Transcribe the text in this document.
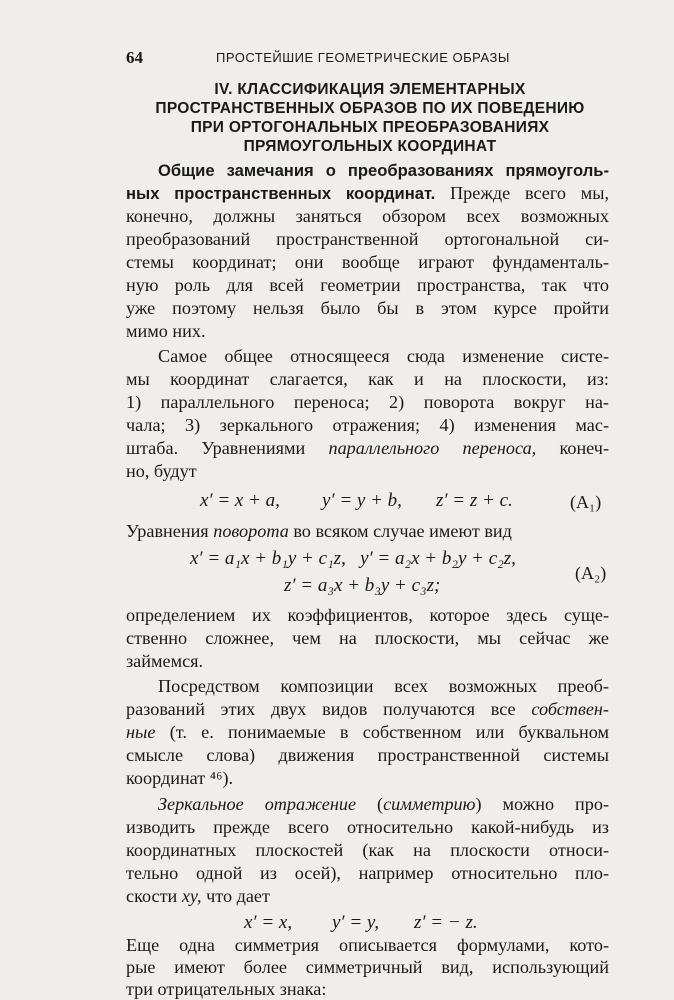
64	ПРОСТЕЙШИЕ ГЕОМЕТРИЧЕСКИЕ ОБРАЗЫ
IV. КЛАССИФИКАЦИЯ ЭЛЕМЕНТАРНЫХ
ПРОСТРАНСТВЕННЫХ ОБРАЗОВ ПО ИХ ПОВЕДЕНИЮ
ПРИ ОРТОГОНАЛЬНЫХ ПРЕОБРАЗОВАНИЯХ
ПРЯМОУГОЛЬНЫХ КООРДИНАТ
Общие замечания о преобразованиях прямоуголь-
ных пространственных координат. Прежде всего мы,
конечно, должны заняться обзором всех возможных
преобразований пространственной ортогональной си-
стемы координат; они вообще играют фундаменталь-
ную роль для всей геометрии пространства, так что
уже поэтому нельзя было бы в этом курсе пройти
мимо них.
Самое общее относящееся сюда изменение систе-
мы координат слагается, как и на плоскости, из:
1) параллельного переноса; 2) поворота вокруг на-
чала; 3) зеркального отражения; 4) изменения мас-
штаба. Уравнениями параллельного переноса, конеч-
но, будут
x′ = x + a, y′ = y + b, z′ = z + c.	(A₁)
Уравнения поворота во всяком случае имеют вид
x′ = a₁x + b₁y + c₁z,   y′ = a₂x + b₂y + c₂z,
z′ = a₃x + b₃y + c₃z;
(A₂)
определением их коэффициентов, которое здесь суще-
ственно сложнее, чем на плоскости, мы сейчас же
займемся.
Посредством композиции всех возможных преоб-
разований этих двух видов получаются все собствен-
ные (т. е. понимаемые в собственном или буквальном
смысле слова) движения пространственной системы
координат ⁴⁶).
Зеркальное отражение (симметрию) можно про-
изводить прежде всего относительно какой-нибудь из
координатных плоскостей (как на плоскости относи-
тельно одной из осей), например относительно пло-
скости xy, что дает
x′ = x, y′ = y, z′ = − z.
Еще одна симметрия описывается формулами, кото-
рые имеют более симметричный вид, использующий
три отрицательных знака:
